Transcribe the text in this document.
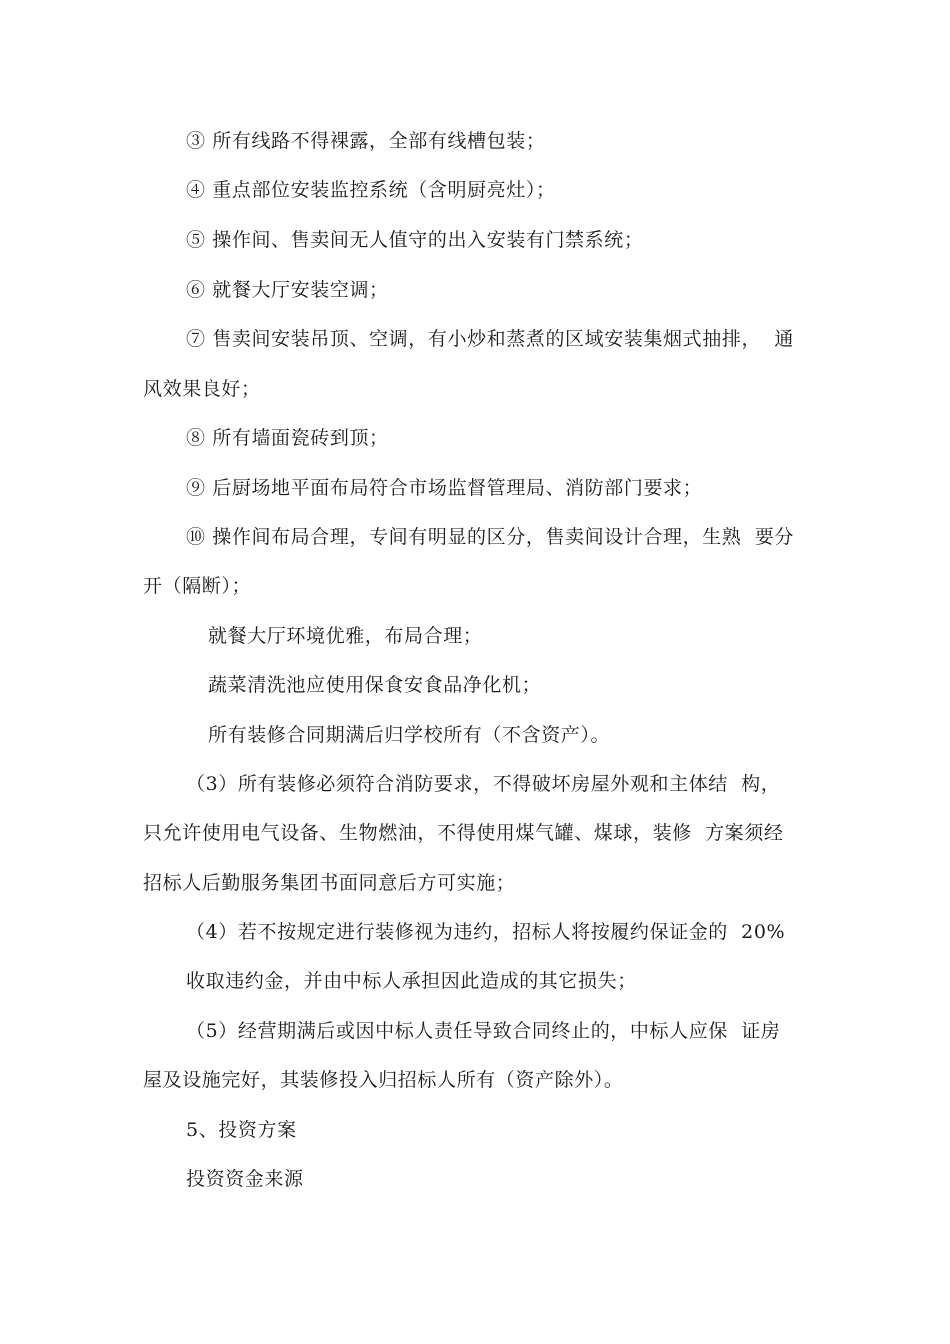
③ 所有线路不得裸露，全部有线槽包装；
④ 重点部位安装监控系统（含明厨亮灶）；
⑤ 操作间、售卖间无人值守的出入安装有门禁系统；
⑥ 就餐大厅安装空调；
⑦ 售卖间安装吊顶、空调，有小炒和蒸煮的区域安装集烟式抽排，  通
风效果良好；
⑧ 所有墙面瓷砖到顶；
⑨ 后厨场地平面布局符合市场监督管理局、消防部门要求；
⑩ 操作间布局合理，专间有明显的区分，售卖间设计合理，生熟  要分
开（隔断）；
就餐大厅环境优雅，布局合理；
蔬菜清洗池应使用保食安食品净化机；
所有装修合同期满后归学校所有（不含资产）。
（3）所有装修必须符合消防要求，不得破坏房屋外观和主体结  构，
只允许使用电气设备、生物燃油，不得使用煤气罐、煤球，装修  方案须经
招标人后勤服务集团书面同意后方可实施；
（4）若不按规定进行装修视为违约，招标人将按履约保证金的  20%
收取违约金，并由中标人承担因此造成的其它损失；
（5）经营期满后或因中标人责任导致合同终止的，中标人应保  证房
屋及设施完好，其装修投入归招标人所有（资产除外）。
5、投资方案
投资资金来源
